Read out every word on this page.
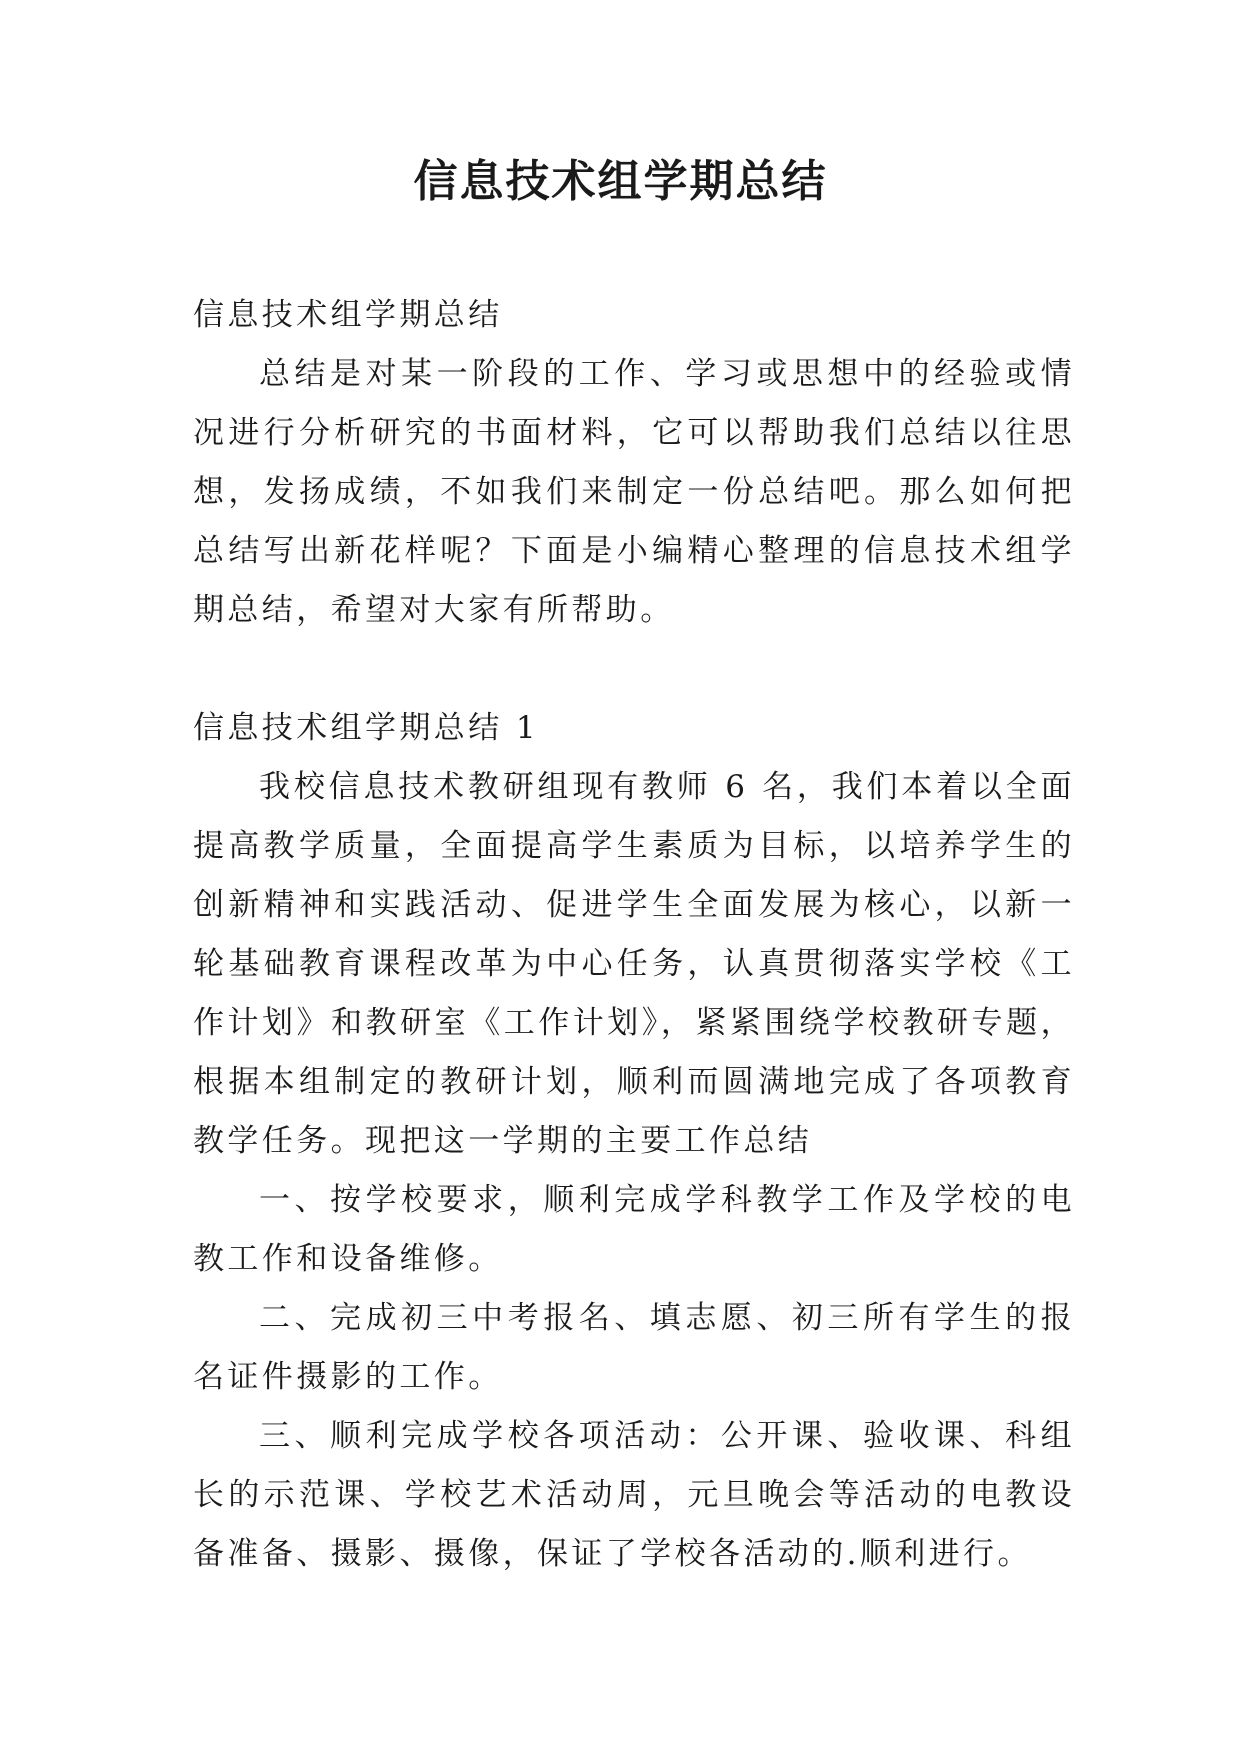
信息技术组学期总结

信息技术组学期总结

总结是对某一阶段的工作、学习或思想中的经验或情况进行分析研究的书面材料，它可以帮助我们总结以往思想，发扬成绩，不如我们来制定一份总结吧。那么如何把总结写出新花样呢？下面是小编精心整理的信息技术组学期总结，希望对大家有所帮助。

信息技术组学期总结 1

我校信息技术教研组现有教师 6 名，我们本着以全面提高教学质量，全面提高学生素质为目标，以培养学生的创新精神和实践活动、促进学生全面发展为核心，以新一轮基础教育课程改革为中心任务，认真贯彻落实学校《工作计划》和教研室《工作计划》，紧紧围绕学校教研专题，根据本组制定的教研计划，顺利而圆满地完成了各项教育教学任务。现把这一学期的主要工作总结

一、按学校要求，顺利完成学科教学工作及学校的电教工作和设备维修。

二、完成初三中考报名、填志愿、初三所有学生的报名证件摄影的工作。

三、顺利完成学校各项活动：公开课、验收课、科组长的示范课、学校艺术活动周，元旦晚会等活动的电教设备准备、摄影、摄像，保证了学校各活动的.顺利进行。
